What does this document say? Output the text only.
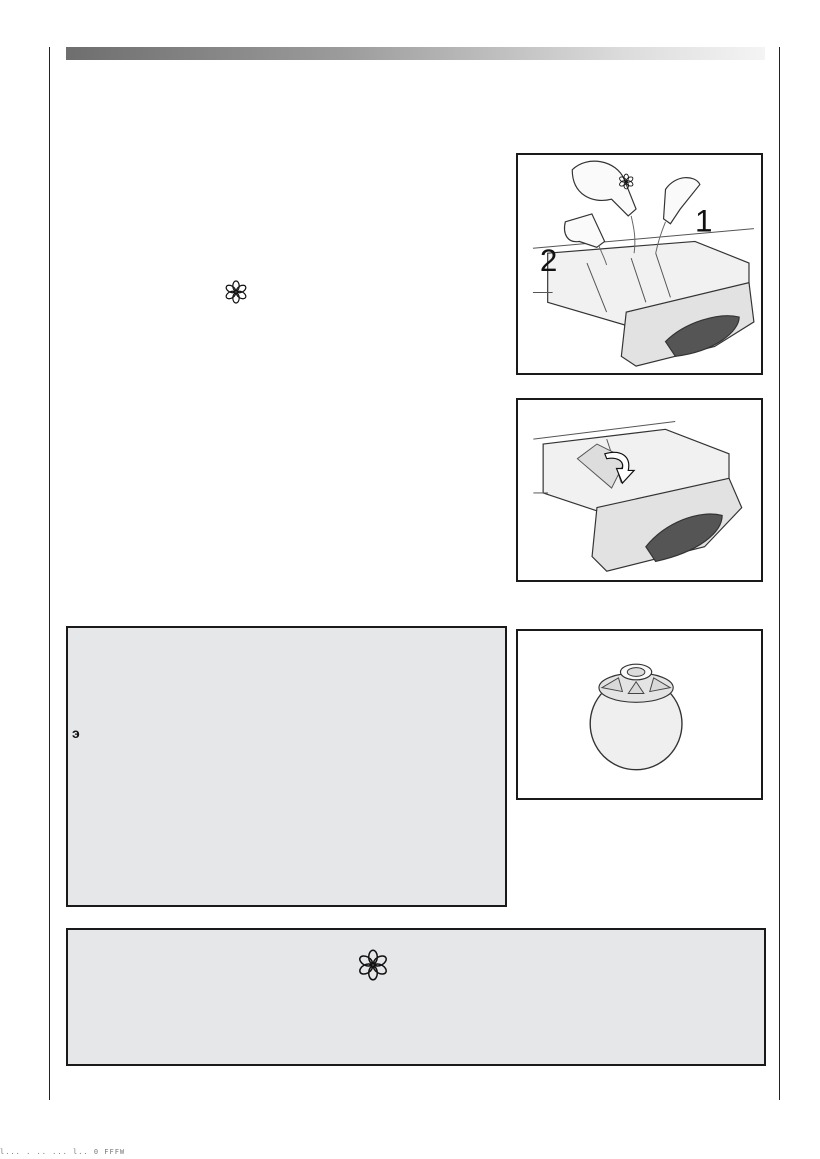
1
2
э
l... . .. ... l.. 0 FFFW
